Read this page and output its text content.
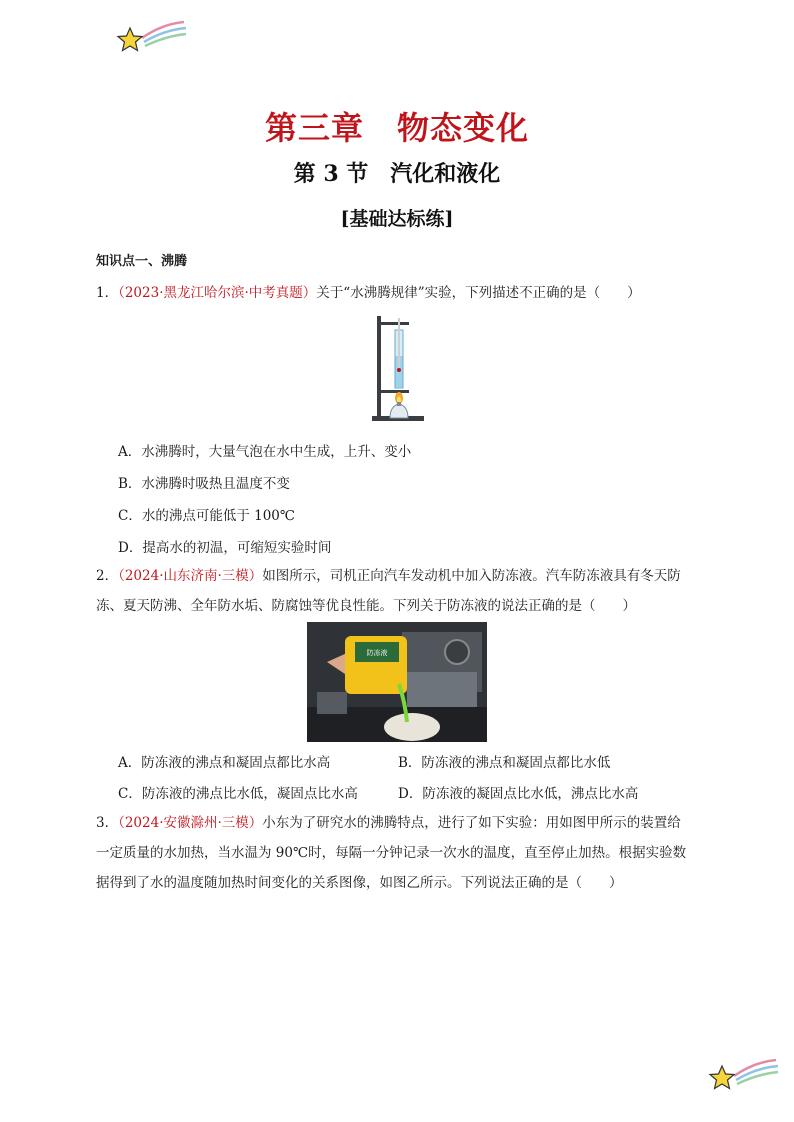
第三章　物态变化
第 3 节　汽化和液化
[基础达标练]
知识点一、沸腾
1．（2023·黑龙江哈尔滨·中考真题）关于“水沸腾规律”实验，下列描述不正确的是（　　）
A．水沸腾时，大量气泡在水中生成，上升、变小
B．水沸腾时吸热且温度不变
C．水的沸点可能低于 100℃
D．提高水的初温，可缩短实验时间
2．（2024·山东济南·三模）如图所示，司机正向汽车发动机中加入防冻液。汽车防冻液具有冬天防
冻、夏天防沸、全年防水垢、防腐蚀等优良性能。下列关于防冻液的说法正确的是（　　）
防冻液
A．防冻液的沸点和凝固点都比水高	B．防冻液的沸点和凝固点都比水低
C．防冻液的沸点比水低，凝固点比水高	D．防冻液的凝固点比水低，沸点比水高
3．（2024·安徽滁州·三模）小东为了研究水的沸腾特点，进行了如下实验：用如图甲所示的装置给
一定质量的水加热，当水温为 90℃时，每隔一分钟记录一次水的温度，直至停止加热。根据实验数
据得到了水的温度随加热时间变化的关系图像，如图乙所示。下列说法正确的是（　　）
